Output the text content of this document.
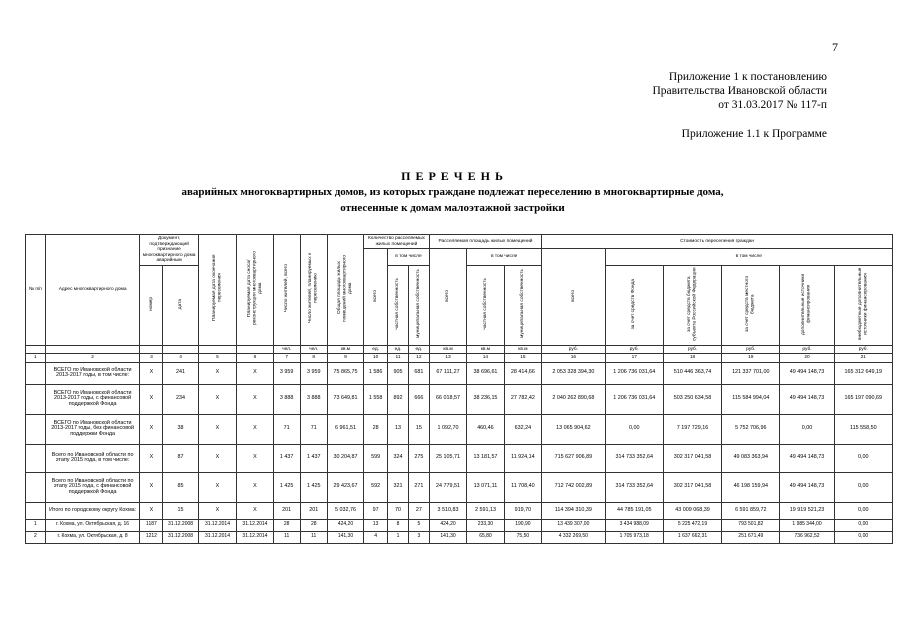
7
Приложение 1 к постановлению
Правительства Ивановской области
от 31.03.2017 № 117-п
Приложение 1.1 к Программе
П Е Р Е Ч Е Н Ь
аварийных многоквартирных домов, из которых граждане подлежат переселению в многоквартирные дома,
отнесенные к домам малоэтажной застройки
№ п/п	Адрес многоквартирного дома	Документ, подтверждающий признание многоквартирного дома аварийным		Планируемая дата окончания переселения	Планируемая дата сноса/реконструкции многоквартирного дома	Число жителей, всего	Число жителей, планируемых к переселению	Общая площадь жилых помещений многоквартирного дома	Количество расселяемых жилых помещений			Расселяемая площадь жилых помещений			Стоимость переселения граждан					
									всего	в том числе		всего	в том числе		всего	в том числе				
		номер	дата							частная собственность	муниципальная собственность		частная собственность	муниципальная собственность		за счет средств Фонда	за счет средств бюджета субъекта Российской Федерации	за счет средств местного бюджета	дополнительные источники финансирования	внебюджетные дополнительные источники финансирования
						чел.	чел.	кв.м	ед.	ед.	ед.	кв.м	кв.м	кв.м	руб.	руб.	руб.	руб.	руб.	руб.
1	2	3	4	5	6	7	8	9	10	11	12	13	14	15	16	17	18	19	20	21
	ВСЕГО по Ивановской области 2013-2017 годы, в том числе:	X	241	X	X	3 959	3 959	75 865,75	1 586	905	681	67 111,27	38 696,61	28 414,66	2 053 328 394,30	1 206 736 031,64	510 446 363,74	121 337 701,00	49 494 148,73	165 312 649,19
	ВСЕГО по Ивановской области 2013-2017 годы, с финансовой поддержкой Фонда	X	234	X	X	3 888	3 888	73 649,81	1 558	892	666	66 018,57	38 236,15	27 782,42	2 040 262 890,68	1 206 736 031,64	503 250 634,58	115 584 994,04	49 494 148,73	165 197 090,69
	ВСЕГО по Ивановской области 2013-2017 годы, без финансовой поддержки Фонда	X	38	X	X	71	71	6 961,51	28	13	15	1 092,70	460,46	632,24	13 065 904,62	0,00	7 197 729,16	5 752 706,96	0,00	115 558,50
	Всего по Ивановской области по этапу 2015 года, в том числе:	X	87	X	X	1 437	1 437	30 204,87	599	324	275	25 105,71	13 181,57	11 924,14	715 627 906,89	314 733 352,64	302 317 041,58	49 083 363,94	49 494 148,73	0,00
	Всего по Ивановской области по этапу 2015 года, с финансовой поддержкой Фонда	X	85	X	X	1 425	1 425	29 423,67	592	321	271	24 779,51	13 071,11	11 708,40	712 742 002,89	314 733 352,64	302 317 041,58	46 198 159,94	49 494 148,73	0,00
	Итого по городскому округу Кохма:	X	15	X	X	201	201	5 032,76	97	70	27	3 510,83	2 591,13	919,70	114 394 310,39	44 785 191,05	43 009 068,39	6 591 859,72	19 919 521,23	0,00
1	г. Кохма, ул. Октябрьская, д. 16	1187	31.12.2008	31.12.2014	31.12.2014	28	28	424,20	13	8	5	424,20	233,30	190,90	13 439 307,00	3 434 988,09	5 225 472,19	793 501,82	1 985 344,00	0,00
2	г. Кохма, ул. Октябрьская, д. 8	1212	31.12.2008	31.12.2014	31.12.2014	11	11	141,30	4	1	3	141,30	65,80	75,50	4 332 269,50	1 705 973,18	1 637 662,31	251 671,49	736 962,52	0,00
